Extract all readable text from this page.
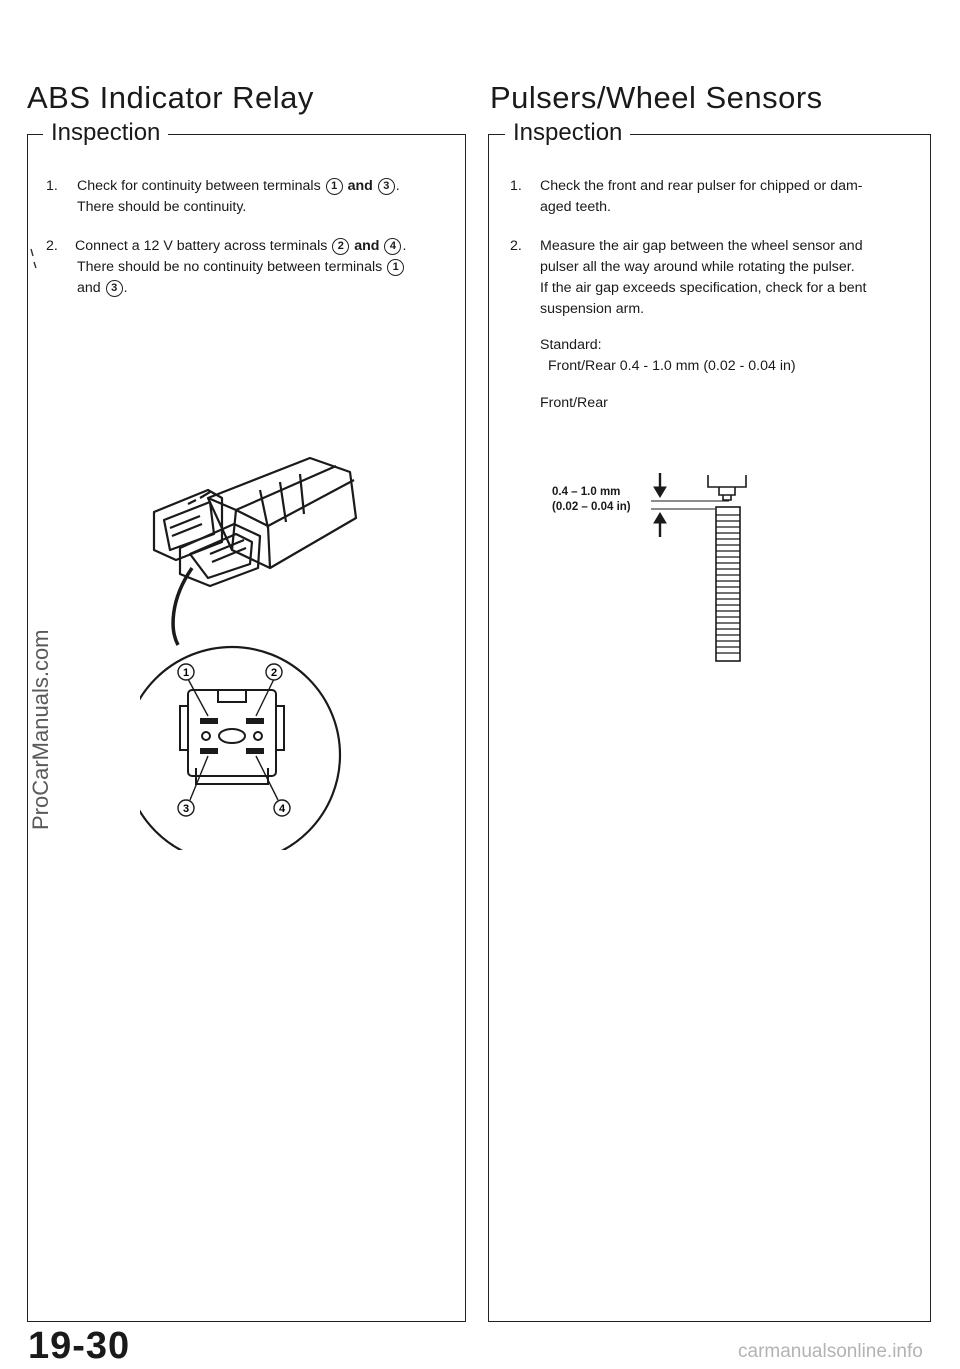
ABS Indicator Relay	Pulsers/Wheel Sensors
Inspection	Inspection
1. Check for continuity between terminals 1 and 3 .
There should be continuity.
2. Connect a 12 V battery across terminals 2 and 4 .
There should be no continuity between terminals 1
and 3 .
1	2
3	4
1. Check the front and rear pulser for chipped or dam-
aged teeth.
2. Measure the air gap between the wheel sensor and
pulser all the way around while rotating the pulser.
If the air gap exceeds specification, check for a bent
suspension arm.
Standard:
Front/Rear 0.4 - 1.0 mm (0.02 - 0.04 in)
Front/Rear
0.4 – 1.0 mm
(0.02 – 0.04 in)
ProCarManuals.com
19-30	carmanualsonline.info
